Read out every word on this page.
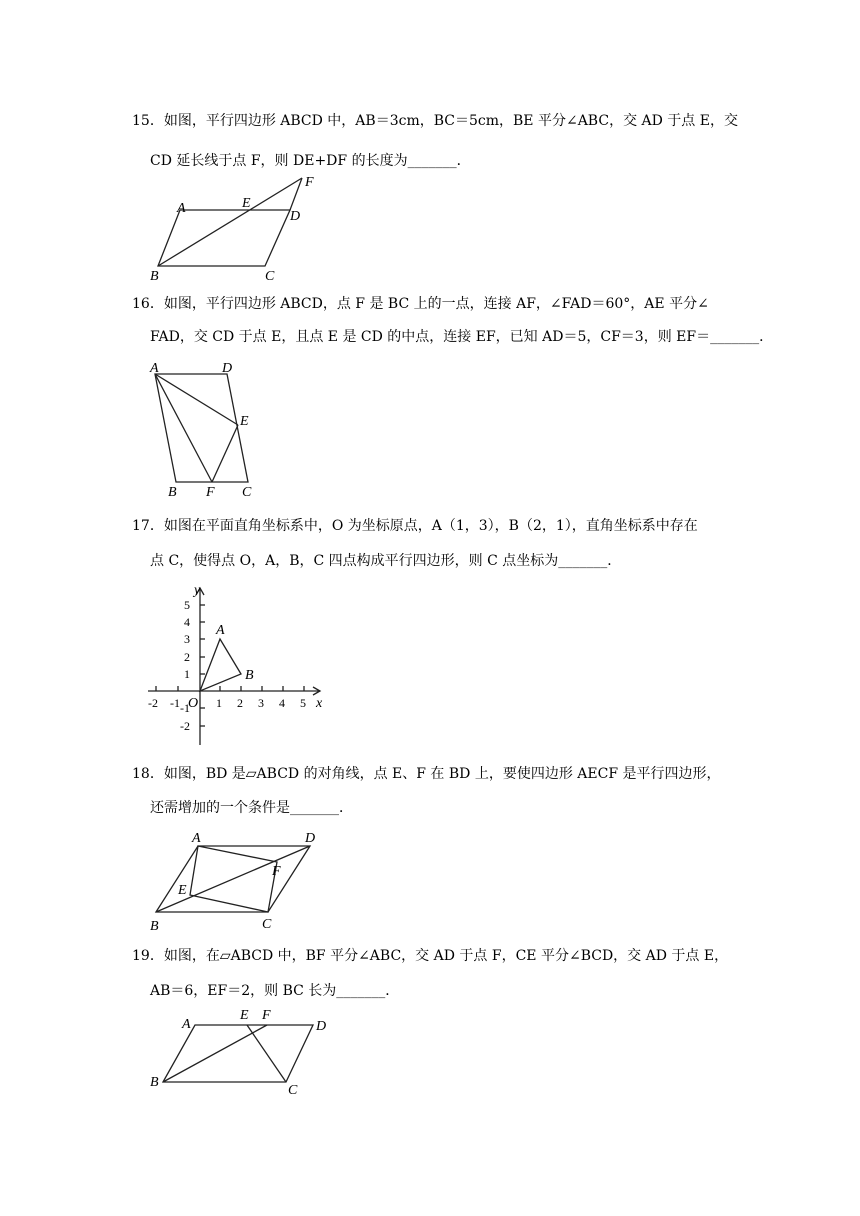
15．如图，平行四边形 ABCD 中，AB＝3cm，BC＝5cm，BE 平分∠ABC，交 AD 于点 E，交
CD 延长线于点 F，则 DE+DF 的长度为_______．
A	E
D
F
B	C
16．如图，平行四边形 ABCD，点 F 是 BC 上的一点，连接 AF，∠FAD＝60°，AE 平分∠
FAD，交 CD 于点 E，且点 E 是 CD 的中点，连接 EF，已知 AD＝5，CF＝3，则 EF＝_______．
A	D
E
B F C
17．如图在平面直角坐标系中，O 为坐标原点，A（1，3），B（2，1），直角坐标系中存在
点 C，使得点 O，A，B，C 四点构成平行四边形，则 C 点坐标为_______．
-2 -1	1 2 3 4 5
5
4
3
2
1
-1
-2
O
A
B
x
y
18．如图，BD 是▱ABCD 的对角线，点 E、F 在 BD 上，要使四边形 AECF 是平行四边形，
还需增加的一个条件是_______．
A	D
E
F
B	C
19．如图，在▱ABCD 中，BF 平分∠ABC，交 AD 于点 F，CE 平分∠BCD，交 AD 于点 E，
AB＝6，EF＝2，则 BC 长为_______．
A
E F
D
B
C
